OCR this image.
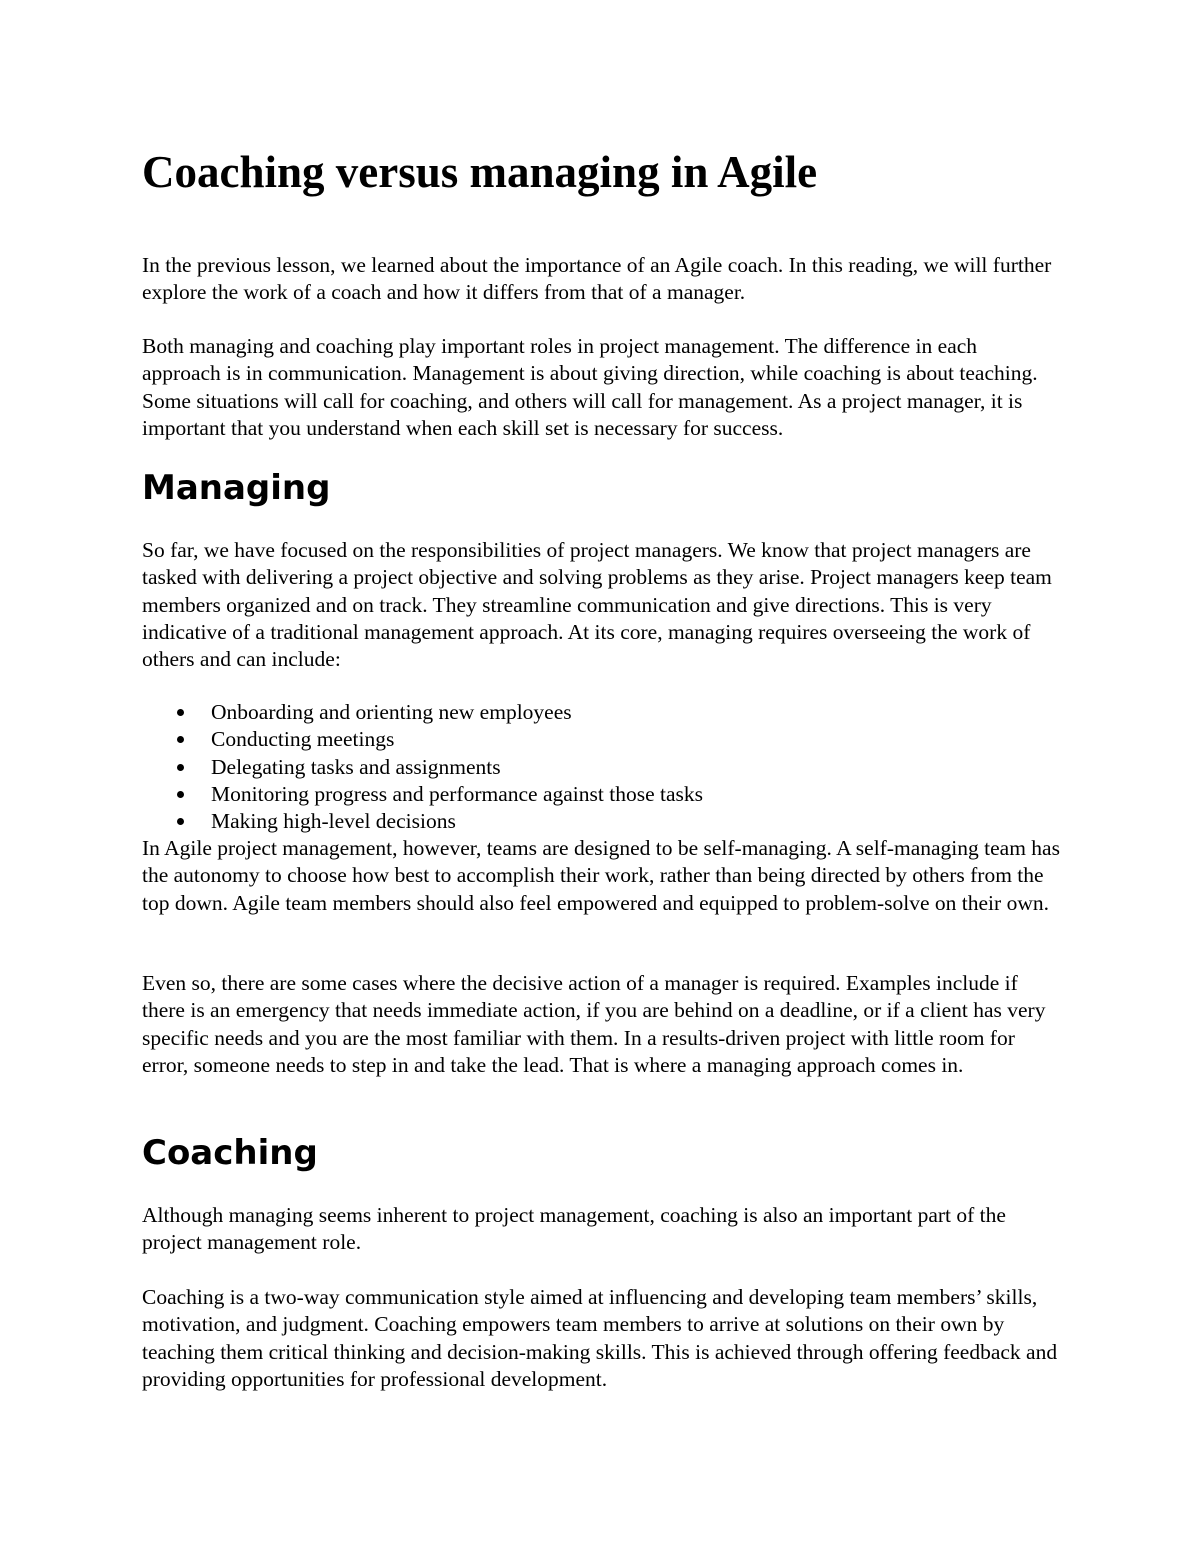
Coaching versus managing in Agile

In the previous lesson, we learned about the importance of an Agile coach. In this reading, we will further explore the work of a coach and how it differs from that of a manager.

Both managing and coaching play important roles in project management. The difference in each approach is in communication. Management is about giving direction, while coaching is about teaching. Some situations will call for coaching, and others will call for management. As a project manager, it is important that you understand when each skill set is necessary for success.

Managing

So far, we have focused on the responsibilities of project managers. We know that project managers are tasked with delivering a project objective and solving problems as they arise. Project managers keep team members organized and on track. They streamline communication and give directions. This is very indicative of a traditional management approach. At its core, managing requires overseeing the work of others and can include:

Onboarding and orienting new employees
Conducting meetings
Delegating tasks and assignments
Monitoring progress and performance against those tasks
Making high-level decisions

In Agile project management, however, teams are designed to be self-managing. A self-managing team has the autonomy to choose how best to accomplish their work, rather than being directed by others from the top down. Agile team members should also feel empowered and equipped to problem-solve on their own.

Even so, there are some cases where the decisive action of a manager is required. Examples include if there is an emergency that needs immediate action, if you are behind on a deadline, or if a client has very specific needs and you are the most familiar with them. In a results-driven project with little room for error, someone needs to step in and take the lead. That is where a managing approach comes in.

Coaching

Although managing seems inherent to project management, coaching is also an important part of the project management role.

Coaching is a two-way communication style aimed at influencing and developing team members’ skills, motivation, and judgment. Coaching empowers team members to arrive at solutions on their own by teaching them critical thinking and decision-making skills. This is achieved through offering feedback and providing opportunities for professional development.
